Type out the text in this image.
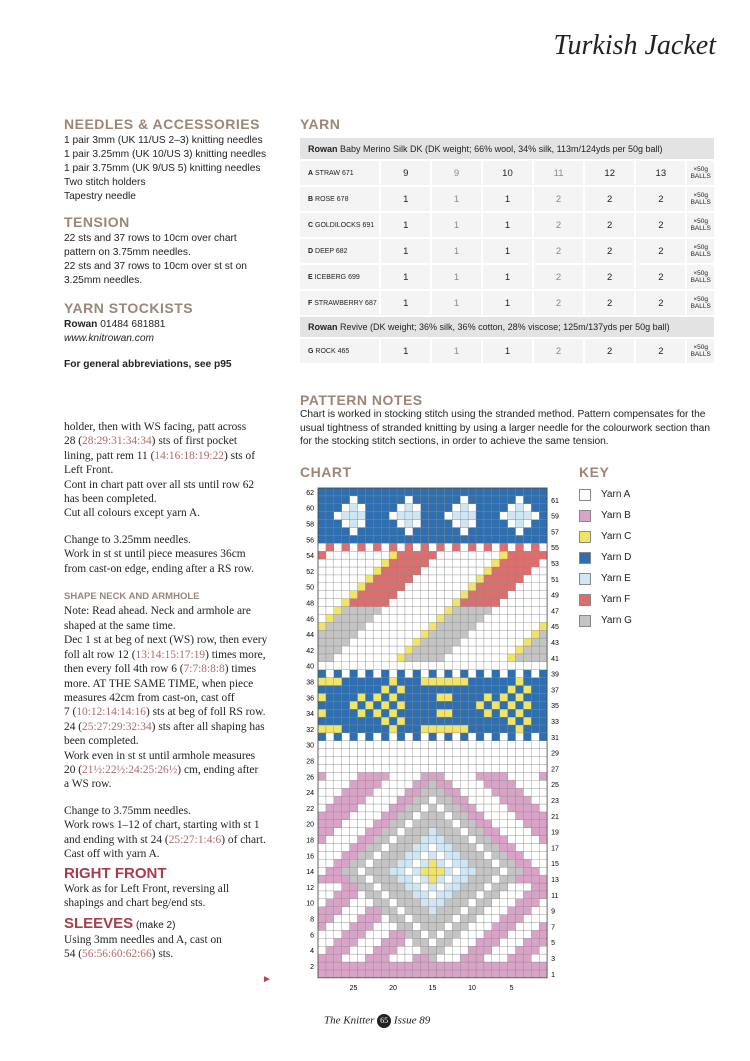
Turkish Jacket
NEEDLES & ACCESSORIES
1 pair 3mm (UK 11/US 2–3) knitting needles
1 pair 3.25mm (UK 10/US 3) knitting needles
1 pair 3.75mm (UK 9/US 5) knitting needles
Two stitch holders
Tapestry needle
TENSION
22 sts and 37 rows to 10cm over chart
pattern on 3.75mm needles.
22 sts and 37 rows to 10cm over st st on
3.25mm needles.
YARN STOCKISTS
Rowan 01484 681881
www.knitrowan.com
For general abbreviations, see p95
YARN
Rowan Baby Merino Silk DK (DK weight; 66% wool, 34% silk, 113m/124yds per 50g ball)							
A STRAW 671	9	9	10	11	12	13	×50g
BALLS
B ROSE 678	1	1	1	2	2	2	×50g
BALLS
C GOLDILOCKS 691	1	1	1	2	2	2	×50g
BALLS
D DEEP 682	1	1	1	2	2	2	×50g
BALLS
E ICEBERG 699	1	1	1	2	2	2	×50g
BALLS
F STRAWBERRY 687	1	1	1	2	2	2	×50g
BALLS
Rowan Revive (DK weight; 36% silk, 36% cotton, 28% viscose; 125m/137yds per 50g ball)							
G ROCK 465	1	1	1	2	2	2	×50g
BALLS
PATTERN NOTES

Chart is worked in stocking stitch using the stranded method. Pattern compensates for the usual tightness of stranded knitting by using a larger needle for the colourwork section than for the stocking stitch sections, in order to achieve the same tension.

CHART
62
60
58
56
54
52
50
48
46
44
42
40
38
36
34
32
30
28
26
24
22
20
18
16
14
12
10
8
6
4
2
61
59
57
55
53
51
49
47
45
43
41
39
37
35
33
31
29
27
25
23
21
19
17
15
13
11
9
7
5
3
1
25	20	15	10	5
KEY
Yarn A
Yarn B
Yarn C
Yarn D
Yarn E
Yarn F
Yarn G
holder, then with WS facing, patt across
28 (28:29:31:34:34) sts of first pocket
lining, patt rem 11 (14:16:18:19:22) sts of
Left Front.
Cont in chart patt over all sts until row 62
has been completed.
Cut all colours except yarn A.
Change to 3.25mm needles.
Work in st st until piece measures 36cm
from cast-on edge, ending after a RS row.
SHAPE NECK AND ARMHOLE
Note: Read ahead. Neck and armhole are
shaped at the same time.
Dec 1 st at beg of next (WS) row, then every
foll alt row 12 (13:14:15:17:19) times more,
then every foll 4th row 6 (7:7:8:8:8) times
more. AT THE SAME TIME, when piece
measures 42cm from cast-on, cast off
7 (10:12:14:14:16) sts at beg of foll RS row.
24 (25:27:29:32:34) sts after all shaping has
been completed.
Work even in st st until armhole measures
20 (21½:22½:24:25:26½) cm, ending after
a WS row.
Change to 3.75mm needles.
Work rows 1–12 of chart, starting with st 1
and ending with st 24 (25:27:1:4:6) of chart.
Cast off with yarn A.
RIGHT FRONT
Work as for Left Front, reversing all
shapings and chart beg/end sts.
SLEEVES (make 2)
Using 3mm needles and A, cast on
54 (56:56:60:62:66) sts.
►
The Knitter 65 Issue 89
